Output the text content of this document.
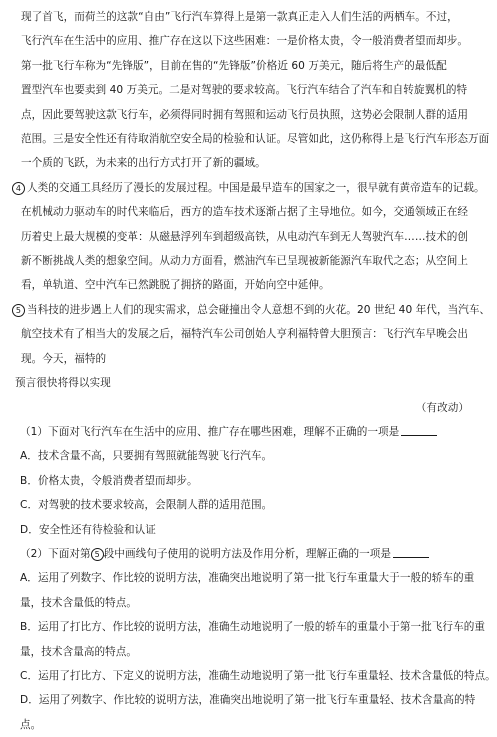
现了首飞，而荷兰的这款“自由”飞行汽车算得上是第一款真正走入人们生活的两栖车。不过，

飞行汽车在生活中的应用、推广存在这以下这些困难：一是价格太贵，令一般消费者望而却步。

第一批飞行车称为“先锋版”，目前在售的“先锋版”价格近 60 万美元，随后将生产的最低配

置型汽车也要卖到 40 万美元。二是对驾驶的要求较高。飞行汽车结合了汽车和自转旋翼机的特

点，因此要驾驶这款飞行车，必须得同时拥有驾照和运动飞行员执照，这势必会限制人群的适用

范围。三是安全性还有待取消航空安全局的检验和认证。尽管如此，这仍称得上是飞行汽车形态万面

一个质的飞跃，为未来的出行方式打开了新的疆域。

4 人类的交通工具经历了漫长的发展过程。中国是最早造车的国家之一，很早就有黄帝造车的记载。

在机械动力驱动车的时代来临后，西方的造车技术逐渐占据了主导地位。如今，交通领域正在经

历着史上最大规模的变革：从磁悬浮列车到超级高铁，从电动汽车到无人驾驶汽车……技术的创

新不断挑战人类的想象空间。从动力方面看，燃油汽车已呈现被新能源汽车取代之态；从空间上

看，单轨道、空中汽车已然跳脱了拥挤的路面，开始向空中延伸。

5 当科技的进步遇上人们的现实需求，总会碰撞出令人意想不到的火花。20 世纪 40 年代，当汽车、

航空技术有了相当大的发展之后，福特汽车公司创始人亨利福特曾大胆预言：飞行汽车早晚会出

现。今天，福特的

预言很快将得以实现

（有改动）

（1）下面对飞行汽车在生活中的应用、推广存在哪些困难，理解不正确的一项是

A．技术含量不高，只要拥有驾照就能驾驶飞行汽车。

B．价格太贵，令般消费者望而却步。

C．对驾驶的技术要求较高，会限制人群的适用范围。

D．安全性还有待检验和认证

（2）下面对第 5 段中画线句子使用的说明方法及作用分析，理解正确的一项是

A．运用了列数字、作比较的说明方法，准确突出地说明了第一批飞行车重量大于一般的轿车的重

量，技术含量低的特点。

B．运用了打比方、作比较的说明方法，准确生动地说明了一般的轿车的重量小于第一批飞行车的重

量，技术含量高的特点。

C．运用了打比方、下定义的说明方法，准确生动地说明了第一批飞行车重量轻、技术含量低的特点。

D．运用了列数字、作比较的说明方法，准确突出地说明了第一批飞行车重量轻、技术含量高的特

点。
